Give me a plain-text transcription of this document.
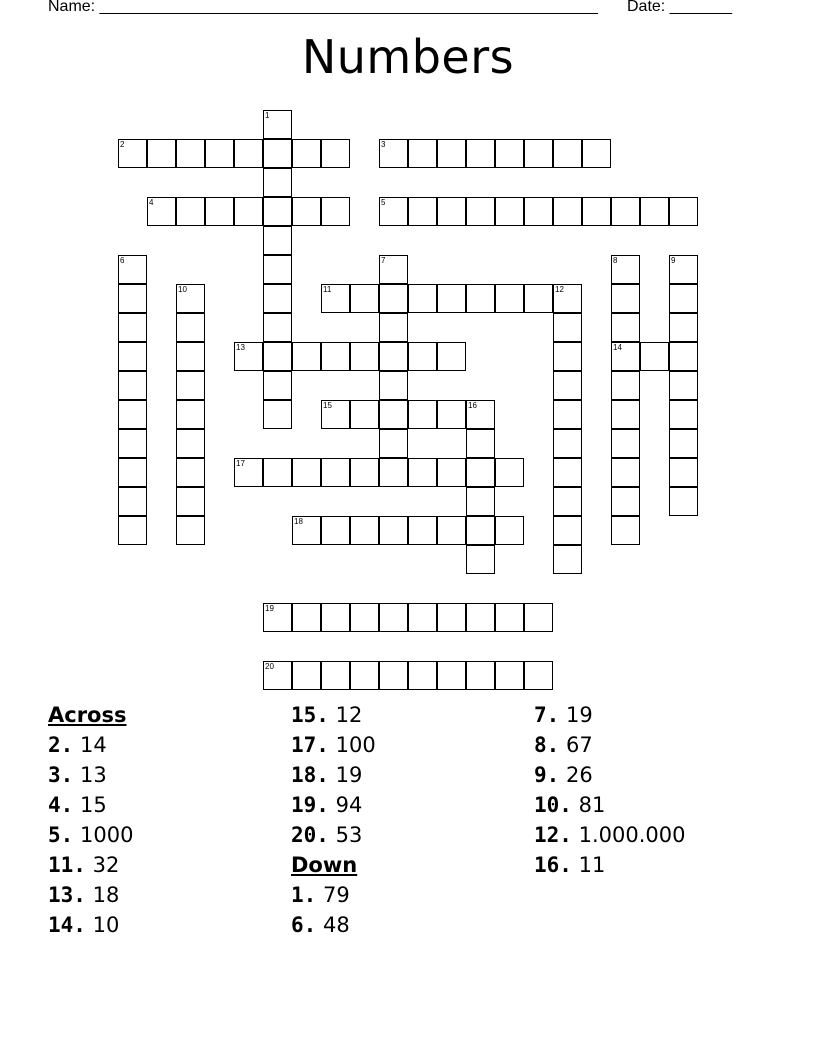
Name: ________________________________________________________ Date: _______
Numbers
1
2	3
4	5
6	7	8
14
9
10	11	12
13
15	16
17
18
19
20
Across
2. 14
3. 13
4. 15
5. 1000
11. 32
13. 18
14. 10
15. 12
17. 100
18. 19
19. 94
20. 53
Down
1. 79
6. 48
7. 19
8. 67
9. 26
10. 81
12. 1.000.000
16. 11
